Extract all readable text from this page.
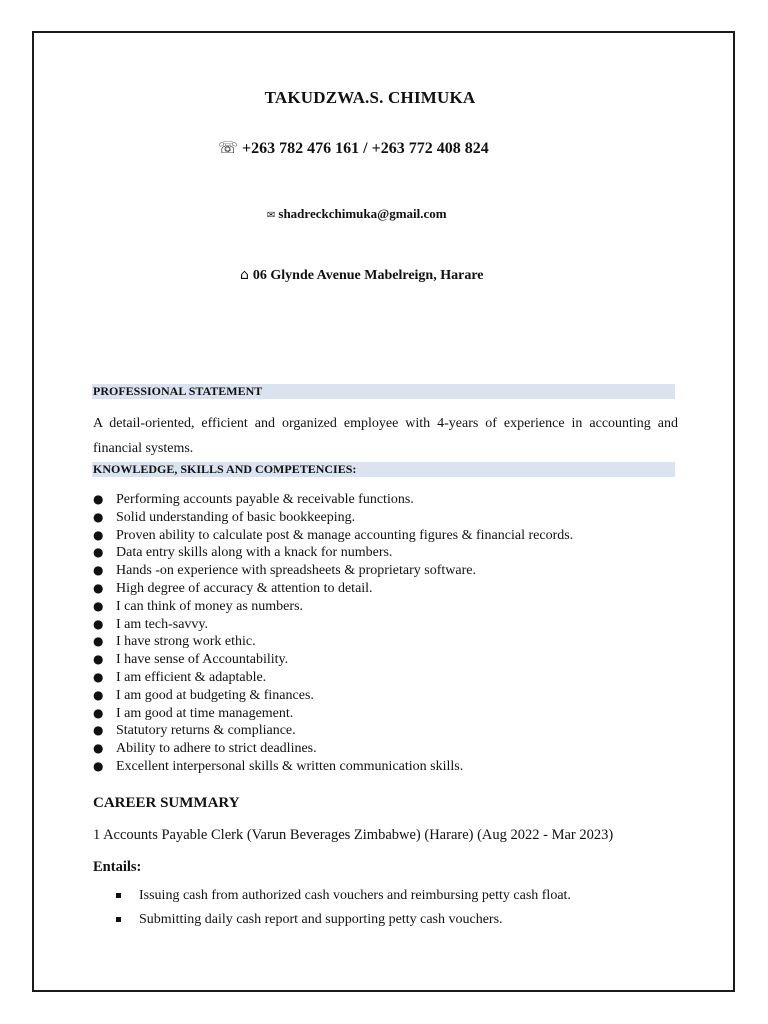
TAKUDZWA.S. CHIMUKA
☏ +263 782 476 161 / +263 772 408 824
✉ shadreckchimuka@gmail.com
⌂ 06 Glynde Avenue Mabelreign, Harare
PROFESSIONAL STATEMENT
A detail-oriented, efficient and organized employee with 4-years of experience in accounting and financial systems.
KNOWLEDGE, SKILLS AND COMPETENCIES:
● Performing accounts payable & receivable functions.
● Solid understanding of basic bookkeeping.
● Proven ability to calculate post & manage accounting figures & financial records.
● Data entry skills along with a knack for numbers.
● Hands -on experience with spreadsheets & proprietary software.
● High degree of accuracy & attention to detail.
● I can think of money as numbers.
● I am tech-savvy.
● I have strong work ethic.
● I have sense of Accountability.
● I am efficient & adaptable.
● I am good at budgeting & finances.
● I am good at time management.
● Statutory returns & compliance.
● Ability to adhere to strict deadlines.
● Excellent interpersonal skills & written communication skills.
CAREER SUMMARY
1 Accounts Payable Clerk (Varun Beverages Zimbabwe) (Harare) (Aug 2022 - Mar 2023)
Entails:
Issuing cash from authorized cash vouchers and reimbursing petty cash float.
Submitting daily cash report and supporting petty cash vouchers.
